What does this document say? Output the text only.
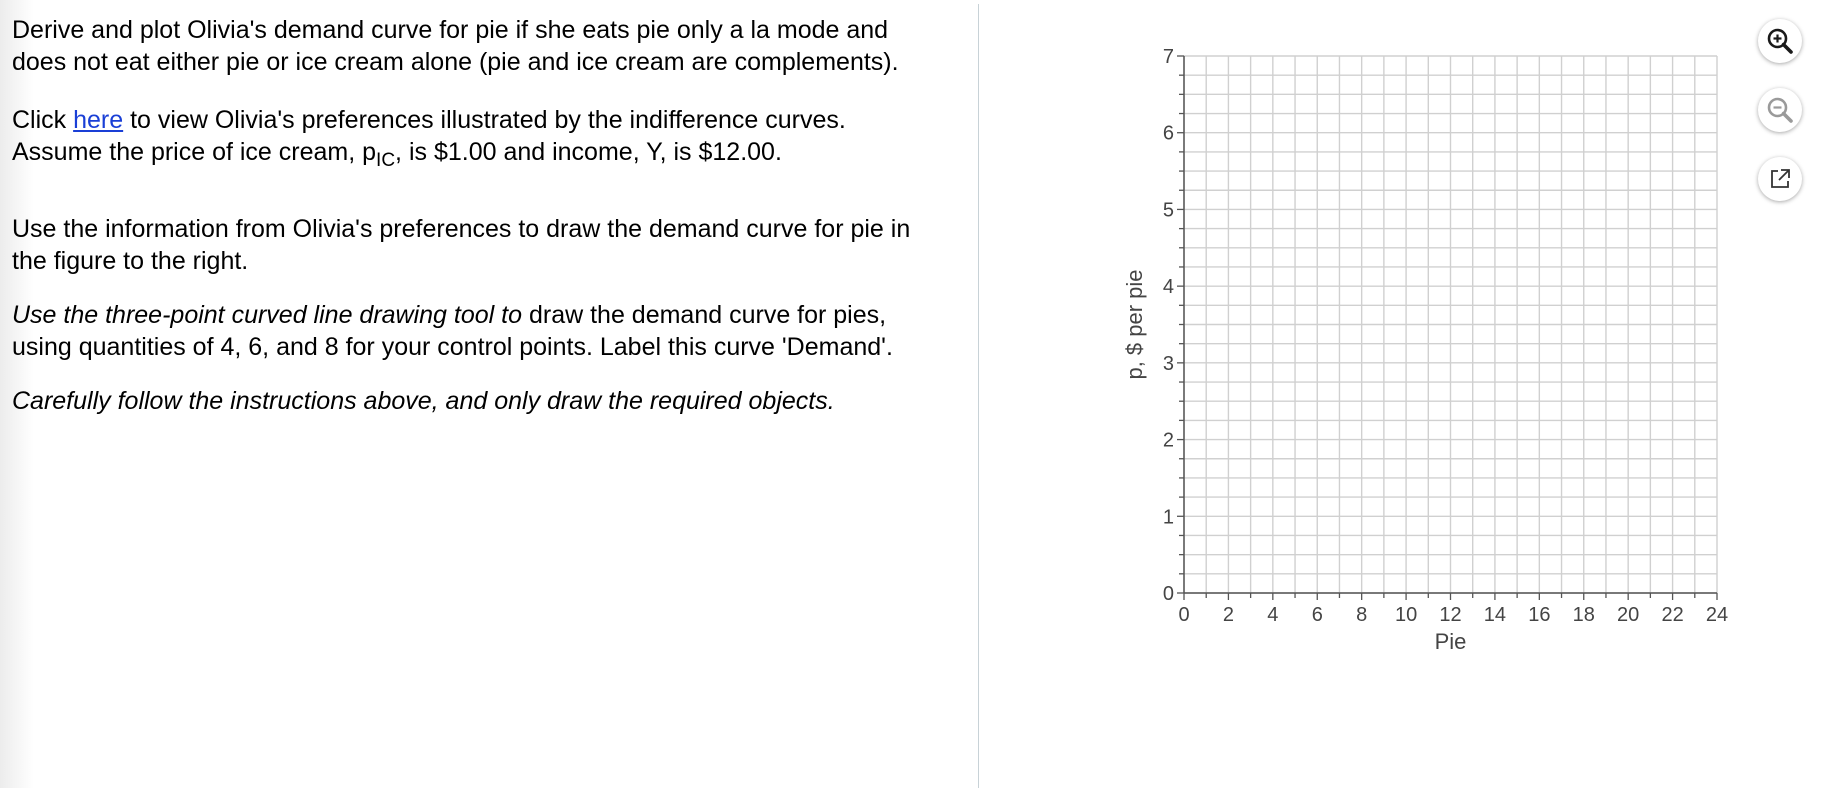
Derive and plot Olivia's demand curve for pie if she eats pie only a la mode and
does not eat either pie or ice cream alone (pie and ice cream are complements).

Click here to view Olivia's preferences illustrated by the indifference curves.
Assume the price of ice cream, $p_{IC}$, is $1.00 and income, Y, is $12.00.

Use the information from Olivia's preferences to draw the demand curve for pie in
the figure to the right.

Use the three-point curved line drawing tool to draw the demand curve for pies,
using quantities of 4, 6, and 8 for your control points. Label this curve 'Demand'.

Carefully follow the instructions above, and only draw the required objects.

0 2 4 6 8 10 12 14 16 18 20 22 24
0
1
2
3
4
5
6
7
Pie
p, $ per pie
